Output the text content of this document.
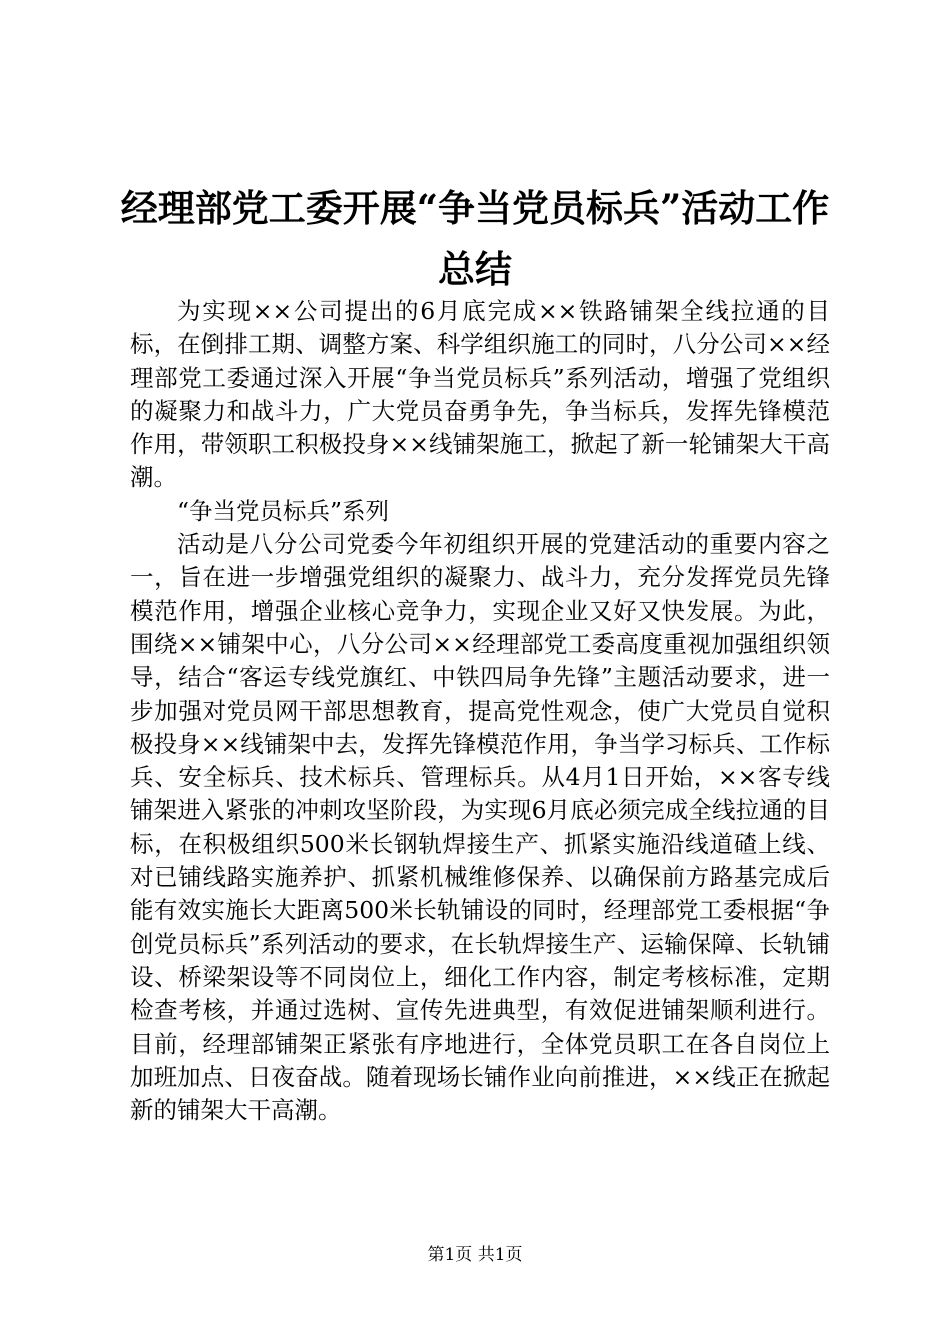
经理部党工委开展“争当党员标兵”活动工作总结

为实现××公司提出的6月底完成××铁路铺架全线拉通的目标，在倒排工期、调整方案、科学组织施工的同时，八分公司××经理部党工委通过深入开展“争当党员标兵”系列活动，增强了党组织的凝聚力和战斗力，广大党员奋勇争先，争当标兵，发挥先锋模范作用，带领职工积极投身××线铺架施工，掀起了新一轮铺架大干高潮。

“争当党员标兵”系列

活动是八分公司党委今年初组织开展的党建活动的重要内容之一，旨在进一步增强党组织的凝聚力、战斗力，充分发挥党员先锋模范作用，增强企业核心竞争力，实现企业又好又快发展。为此，围绕××铺架中心，八分公司××经理部党工委高度重视加强组织领导，结合“客运专线党旗红、中铁四局争先锋”主题活动要求，进一步加强对党员网干部思想教育，提高党性观念，使广大党员自觉积极投身××线铺架中去，发挥先锋模范作用，争当学习标兵、工作标兵、安全标兵、技术标兵、管理标兵。从4月1日开始，××客专线铺架进入紧张的冲刺攻坚阶段，为实现6月底必须完成全线拉通的目标，在积极组织500米长钢轨焊接生产、抓紧实施沿线道碴上线、对已铺线路实施养护、抓紧机械维修保养、以确保前方路基完成后能有效实施长大距离500米长轨铺设的同时，经理部党工委根据“争创党员标兵”系列活动的要求，在长轨焊接生产、运输保障、长轨铺设、桥梁架设等不同岗位上，细化工作内容，制定考核标准，定期检查考核，并通过选树、宣传先进典型，有效促进铺架顺利进行。目前，经理部铺架正紧张有序地进行，全体党员职工在各自岗位上加班加点、日夜奋战。随着现场长铺作业向前推进，××线正在掀起新的铺架大干高潮。

第1页 共1页
